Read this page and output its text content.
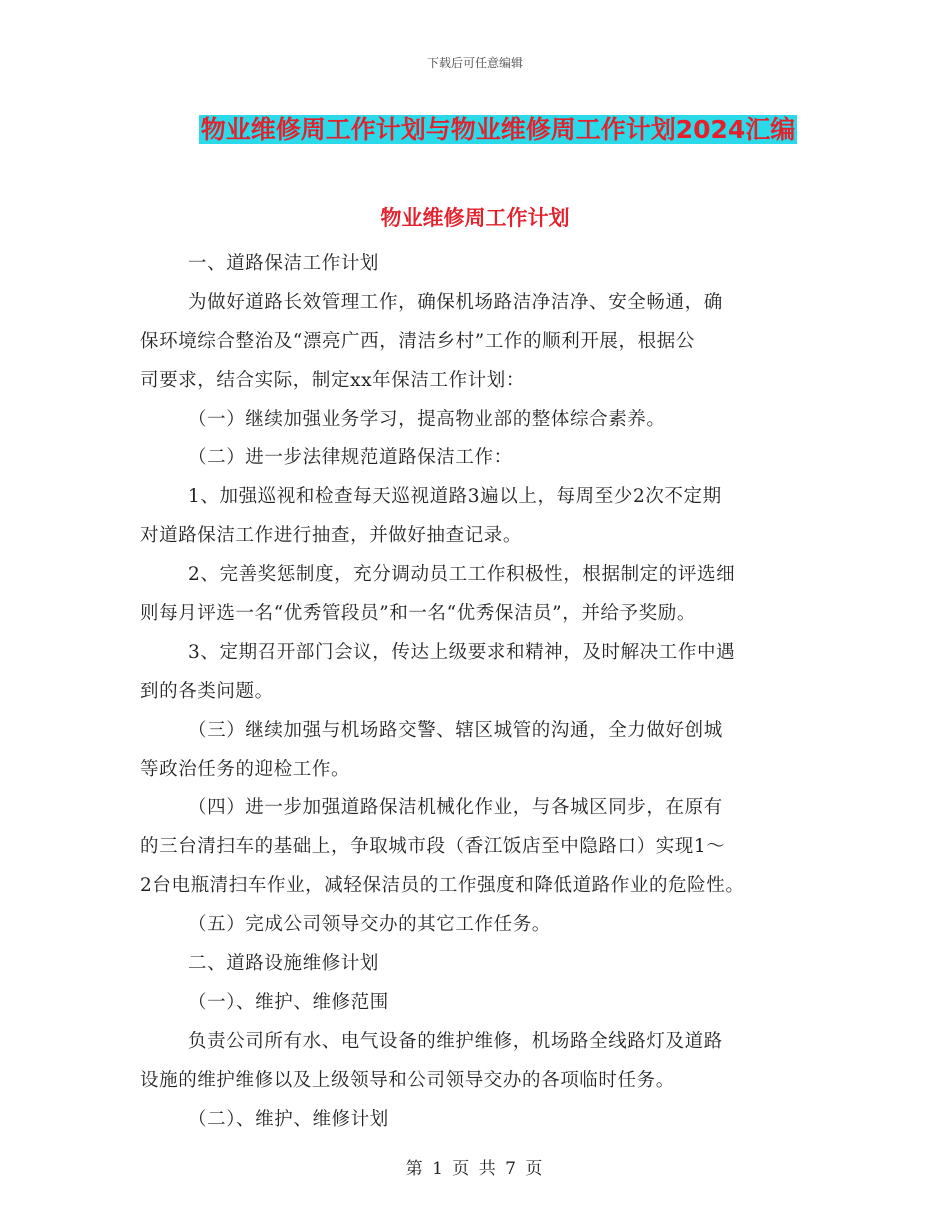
下载后可任意编辑
物业维修周工作计划与物业维修周工作计划2024汇编
物业维修周工作计划
一、道路保洁工作计划
为做好道路长效管理工作，确保机场路洁净洁净、安全畅通，确
保环境综合整治及“漂亮广西，清洁乡村”工作的顺利开展，根据公
司要求，结合实际，制定xx年保洁工作计划：
（一）继续加强业务学习，提高物业部的整体综合素养。
（二）进一步法律规范道路保洁工作：
1、加强巡视和检查每天巡视道路3遍以上，每周至少2次不定期
对道路保洁工作进行抽查，并做好抽查记录。
2、完善奖惩制度，充分调动员工工作积极性，根据制定的评选细
则每月评选一名“优秀管段员”和一名“优秀保洁员”，并给予奖励。
3、定期召开部门会议，传达上级要求和精神，及时解决工作中遇
到的各类问题。
（三）继续加强与机场路交警、辖区城管的沟通，全力做好创城
等政治任务的迎检工作。
（四）进一步加强道路保洁机械化作业，与各城区同步，在原有
的三台清扫车的基础上，争取城市段（香江饭店至中隐路口）实现1～
2台电瓶清扫车作业，减轻保洁员的工作强度和降低道路作业的危险性。
（五）完成公司领导交办的其它工作任务。
二、道路设施维修计划
（一）、维护、维修范围
负责公司所有水、电气设备的维护维修，机场路全线路灯及道路
设施的维护维修以及上级领导和公司领导交办的各项临时任务。
（二）、维护、维修计划
第 1 页 共 7 页
